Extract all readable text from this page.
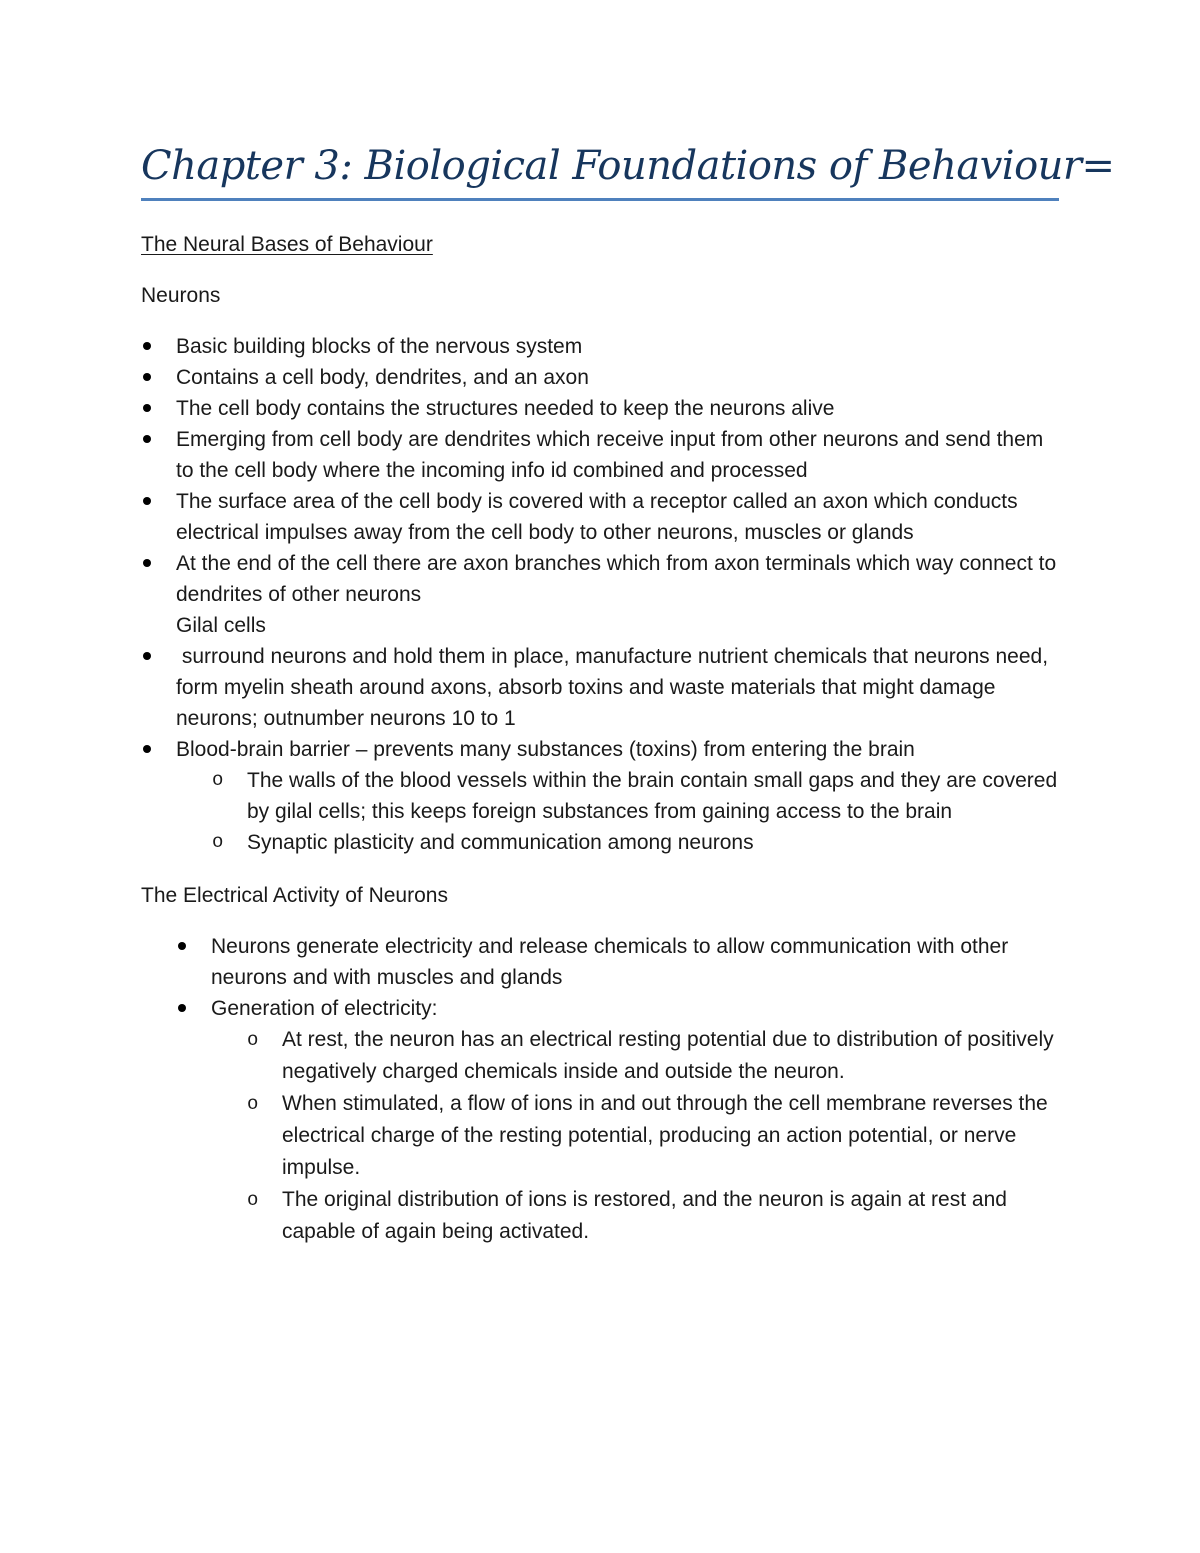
Chapter 3: Biological Foundations of Behaviour=

The Neural Bases of Behaviour

Neurons

Basic building blocks of the nervous system
Contains a cell body, dendrites, and an axon
The cell body contains the structures needed to keep the neurons alive
Emerging from cell body are dendrites which receive input from other neurons and send them to the cell body where the incoming info id combined and processed
The surface area of the cell body is covered with a receptor called an axon which conducts electrical impulses away from the cell body to other neurons, muscles or glands
At the end of the cell there are axon branches which from axon terminals which way connect to dendrites of other neurons
Gilal cells
surround neurons and hold them in place, manufacture nutrient chemicals that neurons need, form myelin sheath around axons, absorb toxins and waste materials that might damage neurons; outnumber neurons 10 to 1
Blood-brain barrier – prevents many substances (toxins) from entering the brain
o The walls of the blood vessels within the brain contain small gaps and they are covered by gilal cells; this keeps foreign substances from gaining access to the brain
o Synaptic plasticity and communication among neurons

The Electrical Activity of Neurons

Neurons generate electricity and release chemicals to allow communication with other neurons and with muscles and glands
Generation of electricity:
o At rest, the neuron has an electrical resting potential due to distribution of positively negatively charged chemicals inside and outside the neuron.
o When stimulated, a flow of ions in and out through the cell membrane reverses the electrical charge of the resting potential, producing an action potential, or nerve impulse.
o The original distribution of ions is restored, and the neuron is again at rest and capable of again being activated.
